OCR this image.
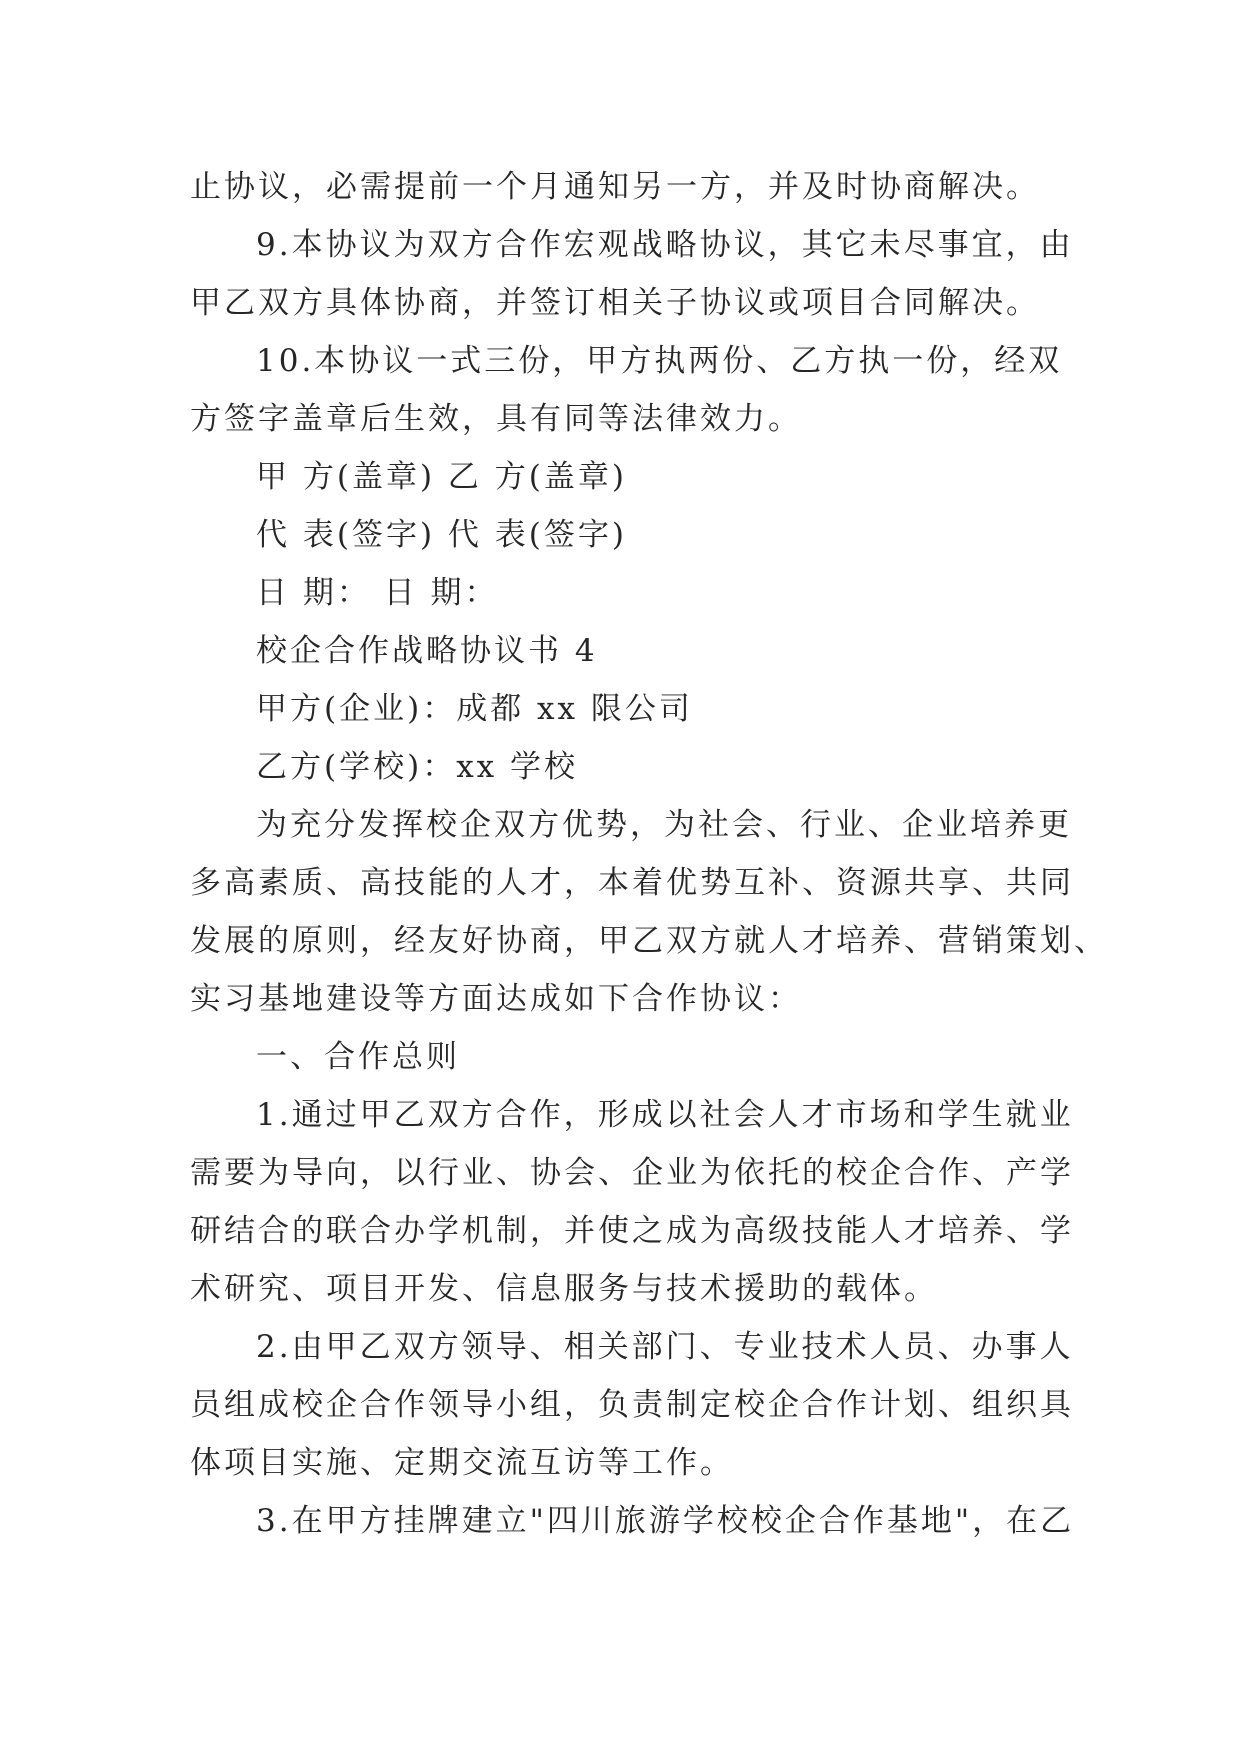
止协议，必需提前一个月通知另一方，并及时协商解决。
9.本协议为双方合作宏观战略协议，其它未尽事宜，由
甲乙双方具体协商，并签订相关子协议或项目合同解决。
10.本协议一式三份，甲方执两份、乙方执一份，经双
方签字盖章后生效，具有同等法律效力。
甲 方(盖章) 乙 方(盖章)
代 表(签字) 代 表(签字)
日 期： 日 期：
校企合作战略协议书 4
甲方(企业)：成都 xx 限公司
乙方(学校)：xx 学校
为充分发挥校企双方优势，为社会、行业、企业培养更
多高素质、高技能的人才，本着优势互补、资源共享、共同
发展的原则，经友好协商，甲乙双方就人才培养、营销策划、
实习基地建设等方面达成如下合作协议：
一、合作总则
1.通过甲乙双方合作，形成以社会人才市场和学生就业
需要为导向，以行业、协会、企业为依托的校企合作、产学
研结合的联合办学机制，并使之成为高级技能人才培养、学
术研究、项目开发、信息服务与技术援助的载体。
2.由甲乙双方领导、相关部门、专业技术人员、办事人
员组成校企合作领导小组，负责制定校企合作计划、组织具
体项目实施、定期交流互访等工作。
3.在甲方挂牌建立"四川旅游学校校企合作基地"，在乙
